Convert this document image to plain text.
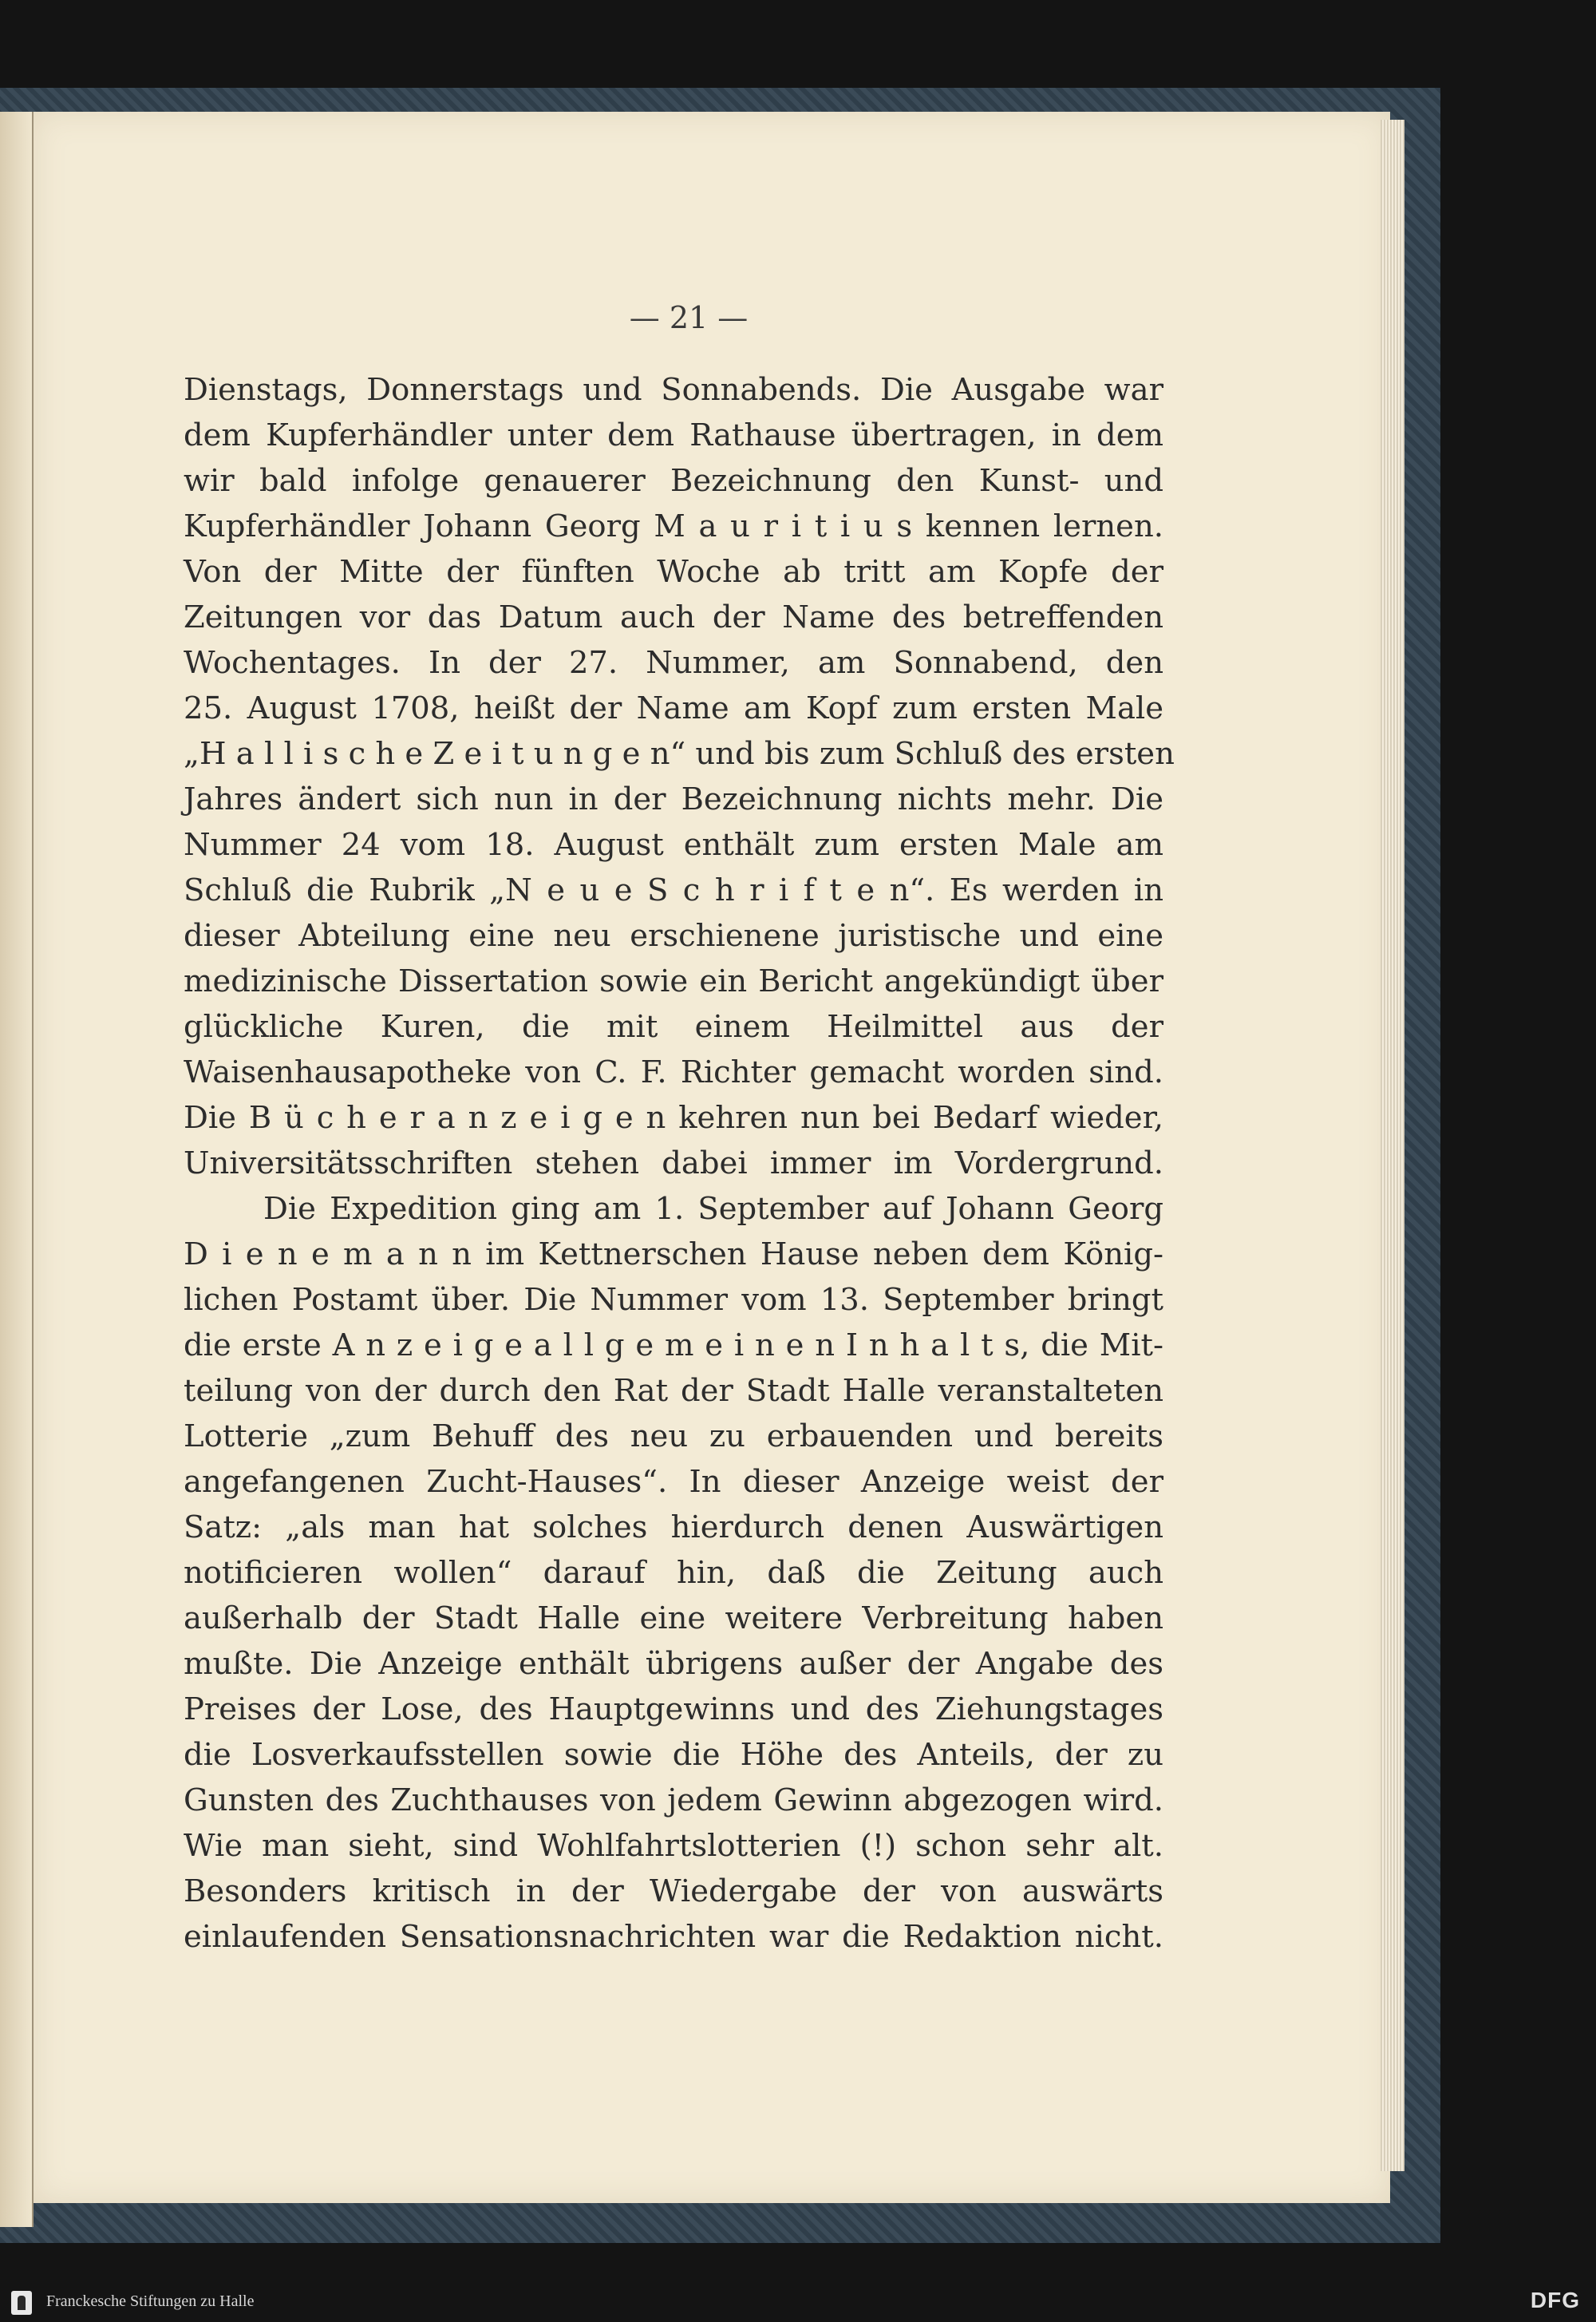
— 21 —
Dienstags, Donnerstags und Sonnabends. Die Ausgabe war
dem Kupferhändler unter dem Rathause übertragen, in dem
wir bald infolge genauerer Bezeichnung den Kunst- und
Kupferhändler Johann Georg M a u r i t i u s kennen lernen.
Von der Mitte der fünften Woche ab tritt am Kopfe der
Zeitungen vor das Datum auch der Name des betreffenden
Wochentages. In der 27. Nummer, am Sonnabend, den
25. August 1708, heißt der Name am Kopf zum ersten Male
„H a l l i s c h e Z e i t u n g e n“ und bis zum Schluß des ersten
Jahres ändert sich nun in der Bezeichnung nichts mehr. Die
Nummer 24 vom 18. August enthält zum ersten Male am
Schluß die Rubrik „N e u e S c h r i f t e n“. Es werden in
dieser Abteilung eine neu erschienene juristische und eine
medizinische Dissertation sowie ein Bericht angekündigt über
glückliche Kuren, die mit einem Heilmittel aus der
Waisenhausapotheke von C. F. Richter gemacht worden sind.
Die B ü c h e r a n z e i g e n kehren nun bei Bedarf wieder,
Universitätsschriften stehen dabei immer im Vordergrund.
Die Expedition ging am 1. September auf Johann Georg
D i e n e m a n n im Kettnerschen Hause neben dem König-
lichen Postamt über. Die Nummer vom 13. September bringt
die erste A n z e i g e a l l g e m e i n e n I n h a l t s, die Mit-
teilung von der durch den Rat der Stadt Halle veranstalteten
Lotterie „zum Behuff des neu zu erbauenden und bereits
angefangenen Zucht-Hauses“. In dieser Anzeige weist der
Satz: „als man hat solches hierdurch denen Auswärtigen
notificieren wollen“ darauf hin, daß die Zeitung auch
außerhalb der Stadt Halle eine weitere Verbreitung haben
mußte. Die Anzeige enthält übrigens außer der Angabe des
Preises der Lose, des Hauptgewinns und des Ziehungstages
die Losverkaufsstellen sowie die Höhe des Anteils, der zu
Gunsten des Zuchthauses von jedem Gewinn abgezogen wird.
Wie man sieht, sind Wohlfahrtslotterien (!) schon sehr alt.
Besonders kritisch in der Wiedergabe der von auswärts
einlaufenden Sensationsnachrichten war die Redaktion nicht.
Franckesche Stiftungen zu Halle	DFG
